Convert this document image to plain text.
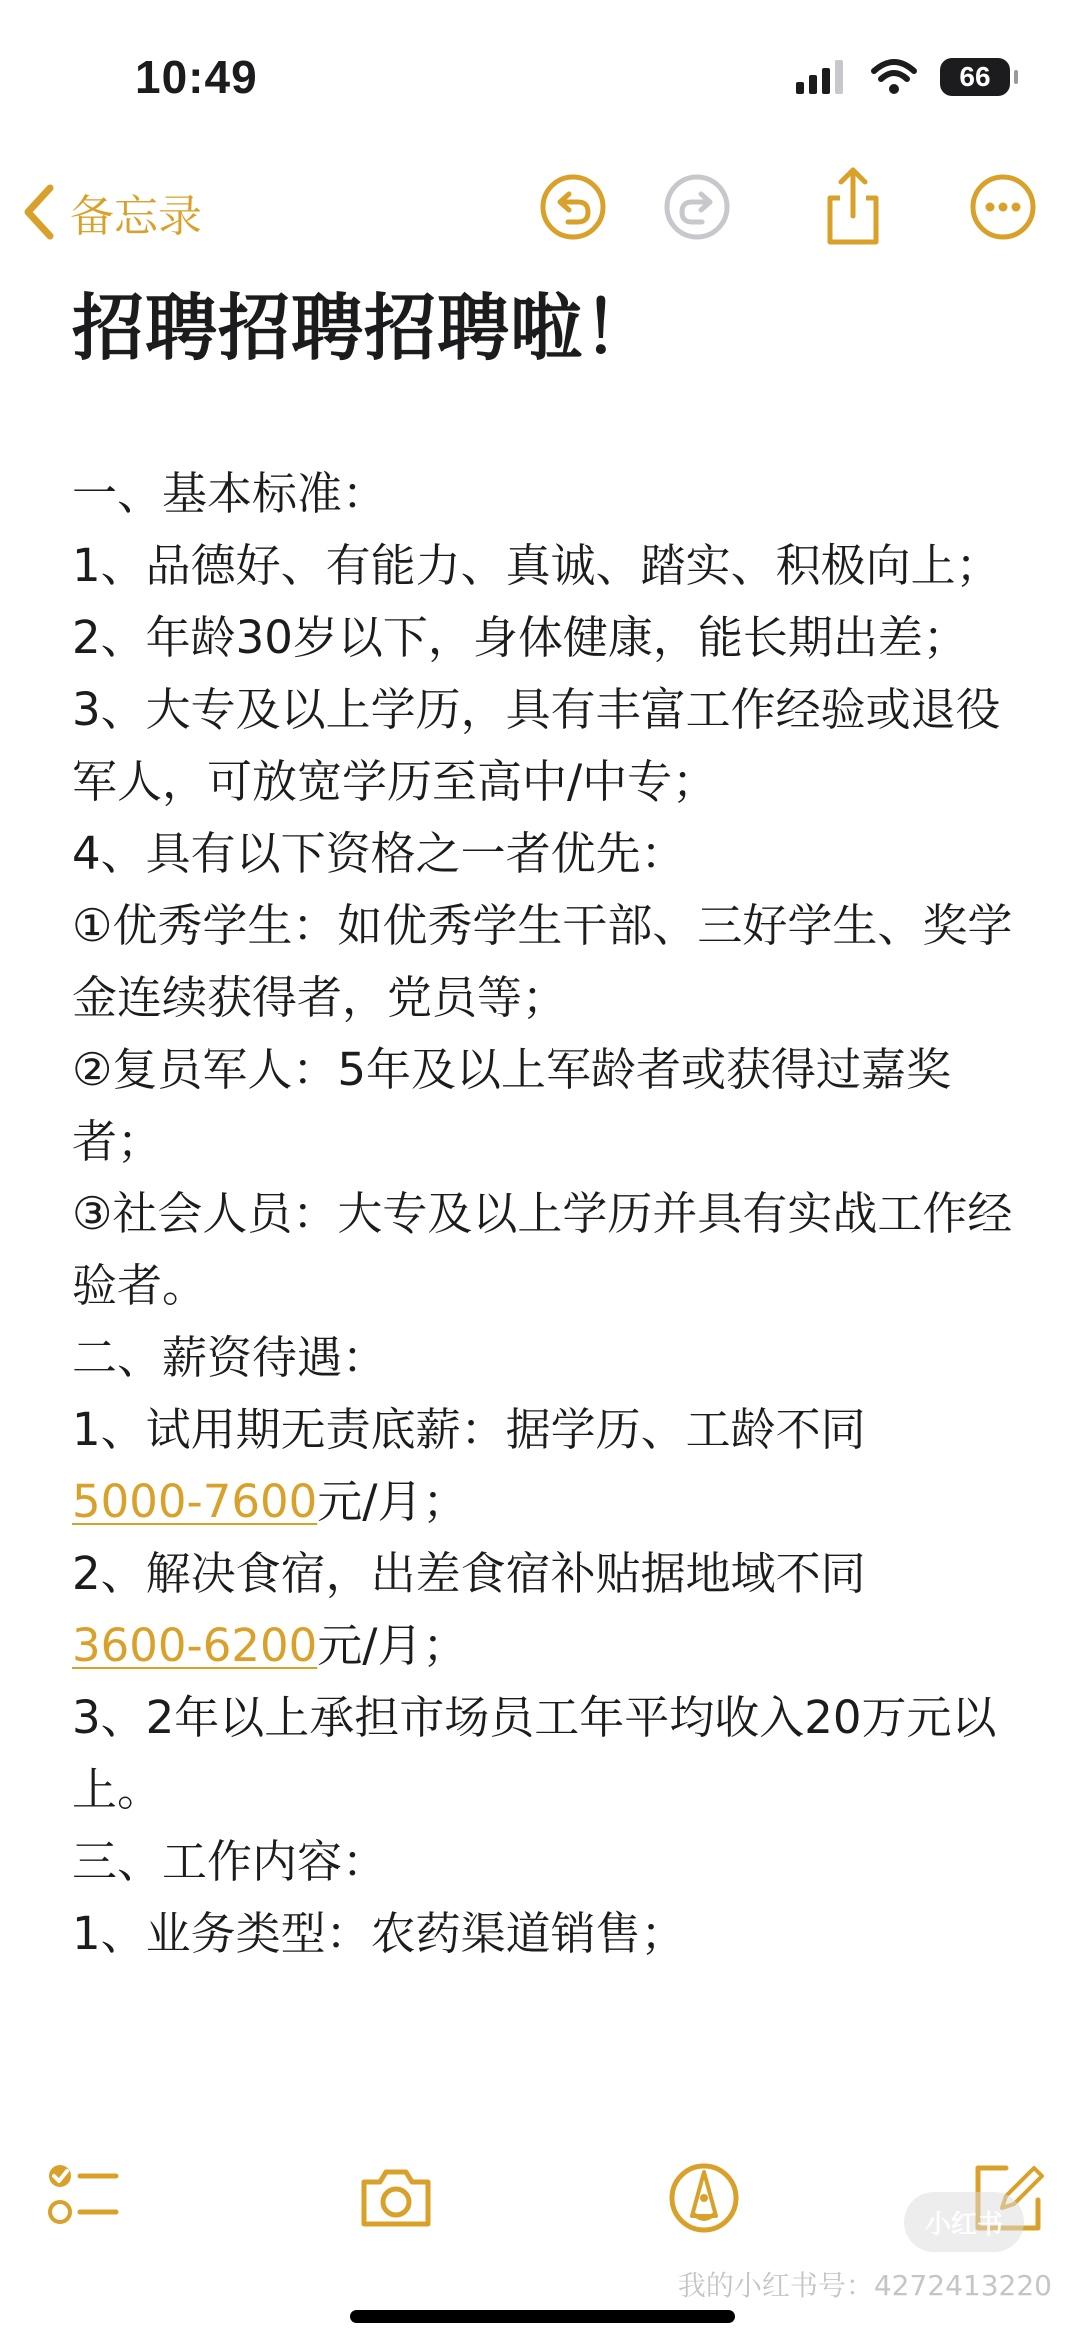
10:49	66
备忘录
招聘招聘招聘啦！
一、基本标准：
1、品德好、有能力、真诚、踏实、积极向上；
2、年龄30岁以下，身体健康，能长期出差；
3、大专及以上学历，具有丰富工作经验或退役军人，可放宽学历至高中/中专；
4、具有以下资格之一者优先：
①优秀学生：如优秀学生干部、三好学生、奖学金连续获得者，党员等；
②复员军人：5年及以上军龄者或获得过嘉奖者；
③社会人员：大专及以上学历并具有实战工作经验者。
二、薪资待遇：
1、试用期无责底薪：据学历、工龄不同
5000-7600元/月；
2、解决食宿，出差食宿补贴据地域不同
3600-6200元/月；
3、2年以上承担市场员工年平均收入20万元以上。
三、工作内容：
1、业务类型：农药渠道销售；
小红书
我的小红书号：4272413220
